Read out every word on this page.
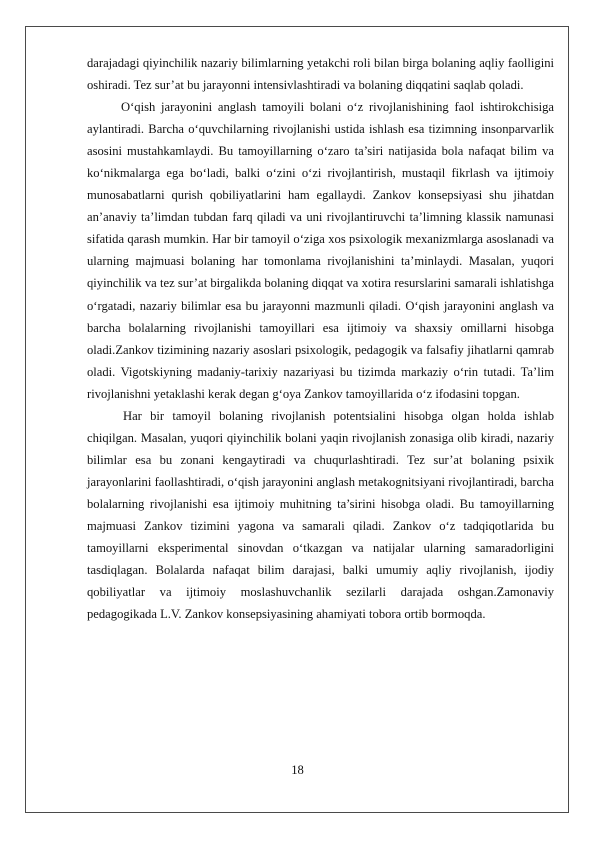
darajadagi qiyinchilik nazariy bilimlarning yetakchi roli bilan birga bolaning aqliy faolligini oshiradi. Tez sur’at bu jarayonni intensivlashtiradi va bolaning diqqatini saqlab qoladi.

O‘qish jarayonini anglash tamoyili bolani o‘z rivojlanishining faol ishtirokchisiga aylantiradi. Barcha o‘quvchilarning rivojlanishi ustida ishlash esa tizimning insonparvarlik asosini mustahkamlaydi. Bu tamoyillarning o‘zaro ta’siri natijasida bola nafaqat bilim va ko‘nikmalarga ega bo‘ladi, balki o‘zini o‘zi rivojlantirish, mustaqil fikrlash va ijtimoiy munosabatlarni qurish qobiliyatlarini ham egallaydi. Zankov konsepsiyasi shu jihatdan an’anaviy ta’limdan tubdan farq qiladi va uni rivojlantiruvchi ta’limning klassik namunasi sifatida qarash mumkin. Har bir tamoyil o‘ziga xos psixologik mexanizmlarga asoslanadi va ularning majmuasi bolaning har tomonlama rivojlanishini ta’minlaydi. Masalan, yuqori qiyinchilik va tez sur’at birgalikda bolaning diqqat va xotira resurslarini samarali ishlatishga o‘rgatadi, nazariy bilimlar esa bu jarayonni mazmunli qiladi. O‘qish jarayonini anglash va barcha bolalarning rivojlanishi tamoyillari esa ijtimoiy va shaxsiy omillarni hisobga oladi.Zankov tizimining nazariy asoslari psixologik, pedagogik va falsafiy jihatlarni qamrab oladi. Vigotskiyning madaniy-tarixiy nazariyasi bu tizimda markaziy o‘rin tutadi. Ta’lim rivojlanishni yetaklashi kerak degan g‘oya Zankov tamoyillarida o‘z ifodasini topgan.

Har bir tamoyil bolaning rivojlanish potentsialini hisobga olgan holda ishlab chiqilgan. Masalan, yuqori qiyinchilik bolani yaqin rivojlanish zonasiga olib kiradi, nazariy bilimlar esa bu zonani kengaytiradi va chuqurlashtiradi. Tez sur’at bolaning psixik jarayonlarini faollashtiradi, o‘qish jarayonini anglash metakognitsiyani rivojlantiradi, barcha bolalarning rivojlanishi esa ijtimoiy muhitning ta’sirini hisobga oladi. Bu tamoyillarning majmuasi Zankov tizimini yagona va samarali qiladi. Zankov o‘z tadqiqotlarida bu tamoyillarni eksperimental sinovdan o‘tkazgan va natijalar ularning samaradorligini tasdiqlagan. Bolalarda nafaqat bilim darajasi, balki umumiy aqliy rivojlanish, ijodiy qobiliyatlar va ijtimoiy moslashuvchanlik sezilarli darajada oshgan.Zamonaviy pedagogikada L.V. Zankov konsepsiyasining ahamiyati tobora ortib bormoqda.

18
